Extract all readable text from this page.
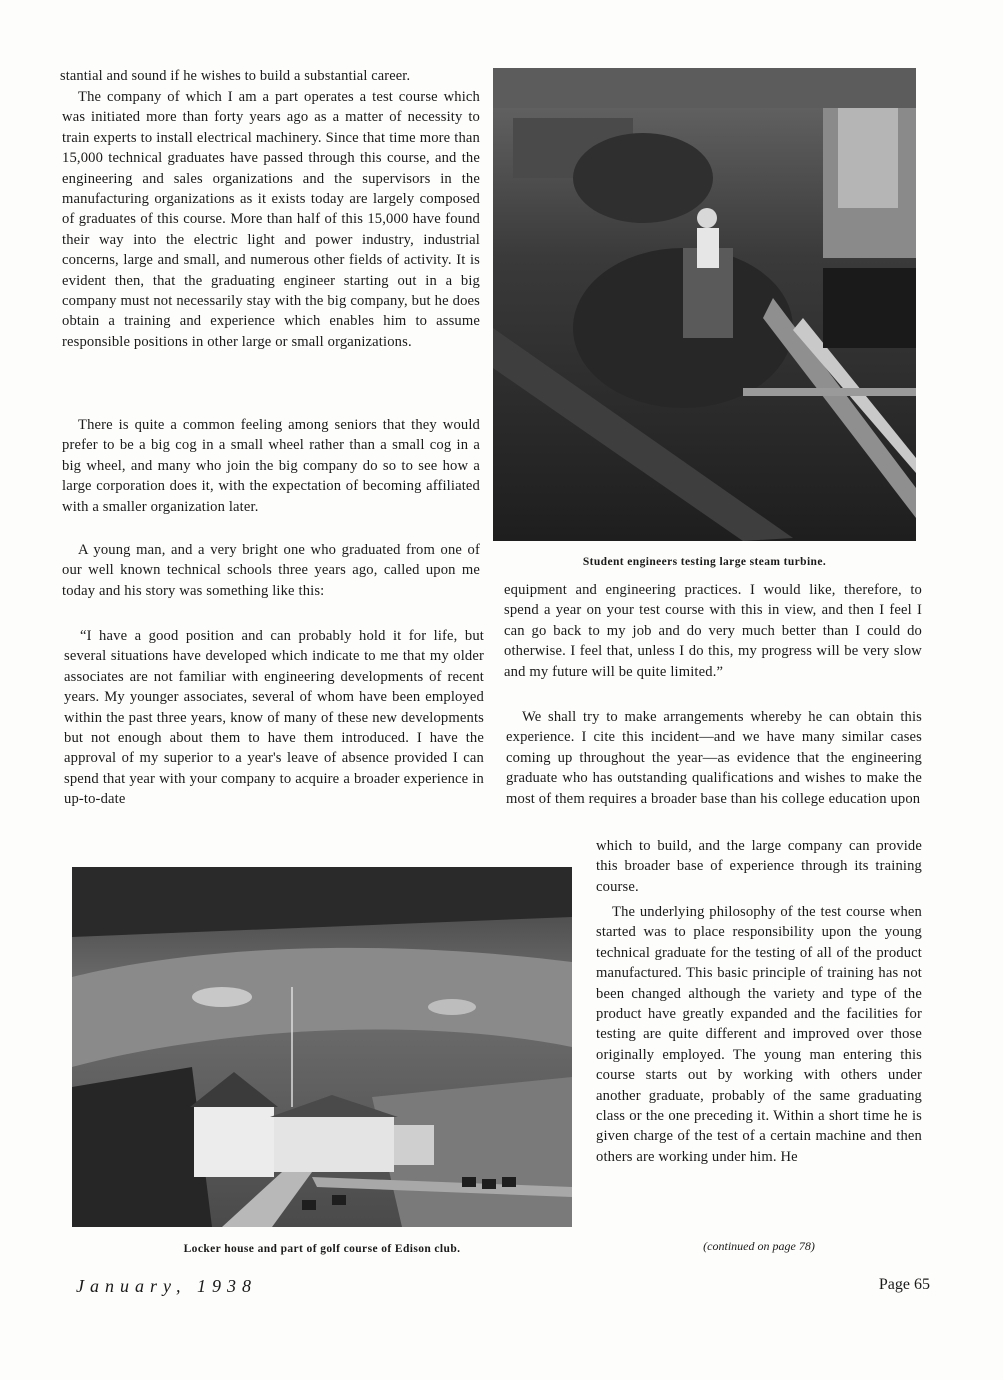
stantial and sound if he wishes to build a substantial career.

The company of which I am a part operates a test course which was initiated more than forty years ago as a matter of necessity to train experts to install electrical machinery. Since that time more than 15,000 technical graduates have passed through this course, and the engineering and sales organizations and the supervisors in the manufacturing organizations as it exists today are largely composed of graduates of this course. More than half of this 15,000 have found their way into the electric light and power industry, industrial concerns, large and small, and numerous other fields of activity. It is evident then, that the graduating engineer starting out in a big company must not necessarily stay with the big company, but he does obtain a training and experience which enables him to assume responsible positions in other large or small organizations.

There is quite a common feeling among seniors that they would prefer to be a big cog in a small wheel rather than a small cog in a big wheel, and many who join the big company do so to see how a large corporation does it, with the expectation of becoming affiliated with a smaller organization later.

A young man, and a very bright one who graduated from one of our well known technical schools three years ago, called upon me today and his story was something like this:

“I have a good position and can probably hold it for life, but several situations have developed which indicate to me that my older associates are not familiar with engineering developments of recent years. My younger associates, several of whom have been employed within the past three years, know of many of these new developments but not enough about them to have them introduced. I have the approval of my superior to a year's leave of absence provided I can spend that year with your company to acquire a broader experience in up-to-date

Student engineers testing large steam turbine.

equipment and engineering practices. I would like, therefore, to spend a year on your test course with this in view, and then I feel I can go back to my job and do very much better than I could do otherwise. I feel that, unless I do this, my progress will be very slow and my future will be quite limited.”

We shall try to make arrangements whereby he can obtain this experience. I cite this incident—and we have many similar cases coming up throughout the year—as evidence that the engineering graduate who has outstanding qualifications and wishes to make the most of them requires a broader base than his college education upon

which to build, and the large company can provide this broader base of experience through its training course.

The underlying philosophy of the test course when started was to place responsibility upon the young technical graduate for the testing of all of the product manufactured. This basic principle of training has not been changed although the variety and type of the product have greatly expanded and the facilities for testing are quite different and improved over those originally employed. The young man entering this course starts out by working with others under another graduate, probably of the same graduating class or the one preceding it. Within a short time he is given charge of the test of a certain machine and then others are working under him. He

(continued on page 78)

Locker house and part of golf course of Edison club.

January, 1938	Page 65
